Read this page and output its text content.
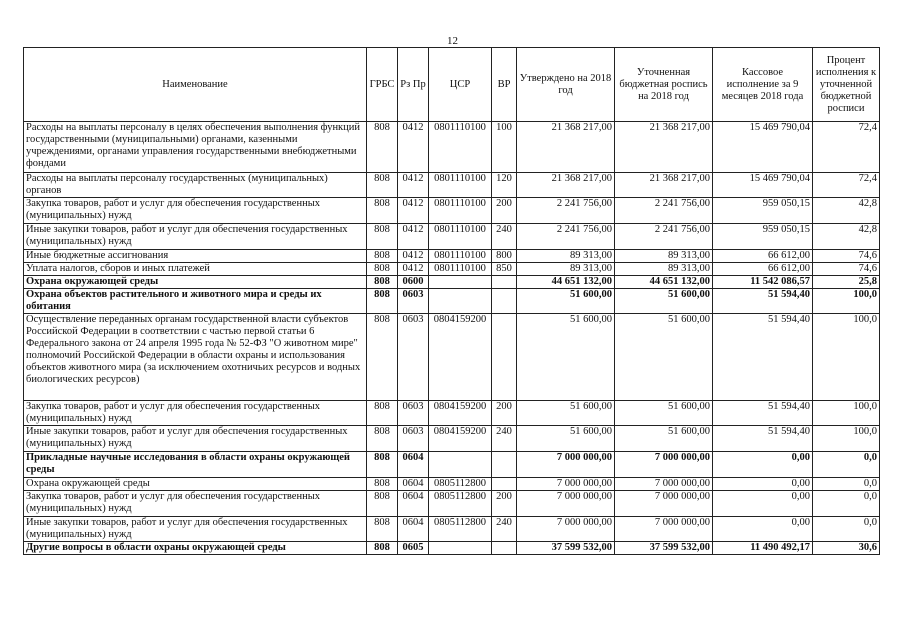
12
Наименование	ГРБС	Рз Пр	ЦСР	ВР	Утверждено на 2018 год	Уточненная бюджетная роспись на 2018 год	Кассовое исполнение за 9 месяцев 2018 года	Процент исполнения к уточненной бюджетной росписи
Расходы на выплаты персоналу в целях обеспечения выполнения функций государственными (муниципальными) органами, казенными учреждениями, органами управления государственными внебюджетными фондами	808	0412	0801110100	100	21 368 217,00	21 368 217,00	15 469 790,04	72,4
Расходы на выплаты персоналу государственных (муниципальных) органов	808	0412	0801110100	120	21 368 217,00	21 368 217,00	15 469 790,04	72,4
Закупка товаров, работ и услуг для обеспечения государственных (муниципальных) нужд	808	0412	0801110100	200	2 241 756,00	2 241 756,00	959 050,15	42,8
Иные закупки товаров, работ и услуг для обеспечения государственных (муниципальных) нужд	808	0412	0801110100	240	2 241 756,00	2 241 756,00	959 050,15	42,8
Иные бюджетные ассигнования	808	0412	0801110100	800	89 313,00	89 313,00	66 612,00	74,6
Уплата налогов, сборов и иных платежей	808	0412	0801110100	850	89 313,00	89 313,00	66 612,00	74,6
Охрана окружающей среды	808	0600			44 651 132,00	44 651 132,00	11 542 086,57	25,8
Охрана объектов растительного и животного мира и среды их обитания	808	0603			51 600,00	51 600,00	51 594,40	100,0
Осуществление переданных органам государственной власти субъектов Российской Федерации в соответствии с частью первой статьи 6 Федерального закона от 24 апреля 1995 года № 52-ФЗ "О животном мире" полномочий Российской Федерации в области охраны и использования объектов животного мира (за исключением охотничьих ресурсов и водных биологических ресурсов)	808	0603	0804159200		51 600,00	51 600,00	51 594,40	100,0
Закупка товаров, работ и услуг для обеспечения государственных (муниципальных) нужд	808	0603	0804159200	200	51 600,00	51 600,00	51 594,40	100,0
Иные закупки товаров, работ и услуг для обеспечения государственных (муниципальных) нужд	808	0603	0804159200	240	51 600,00	51 600,00	51 594,40	100,0
Прикладные научные исследования в области охраны окружающей среды	808	0604			7 000 000,00	7 000 000,00	0,00	0,0
Охрана окружающей среды	808	0604	0805112800		7 000 000,00	7 000 000,00	0,00	0,0
Закупка товаров, работ и услуг для обеспечения государственных (муниципальных) нужд	808	0604	0805112800	200	7 000 000,00	7 000 000,00	0,00	0,0
Иные закупки товаров, работ и услуг для обеспечения государственных (муниципальных) нужд	808	0604	0805112800	240	7 000 000,00	7 000 000,00	0,00	0,0
Другие вопросы в области охраны окружающей среды	808	0605			37 599 532,00	37 599 532,00	11 490 492,17	30,6
